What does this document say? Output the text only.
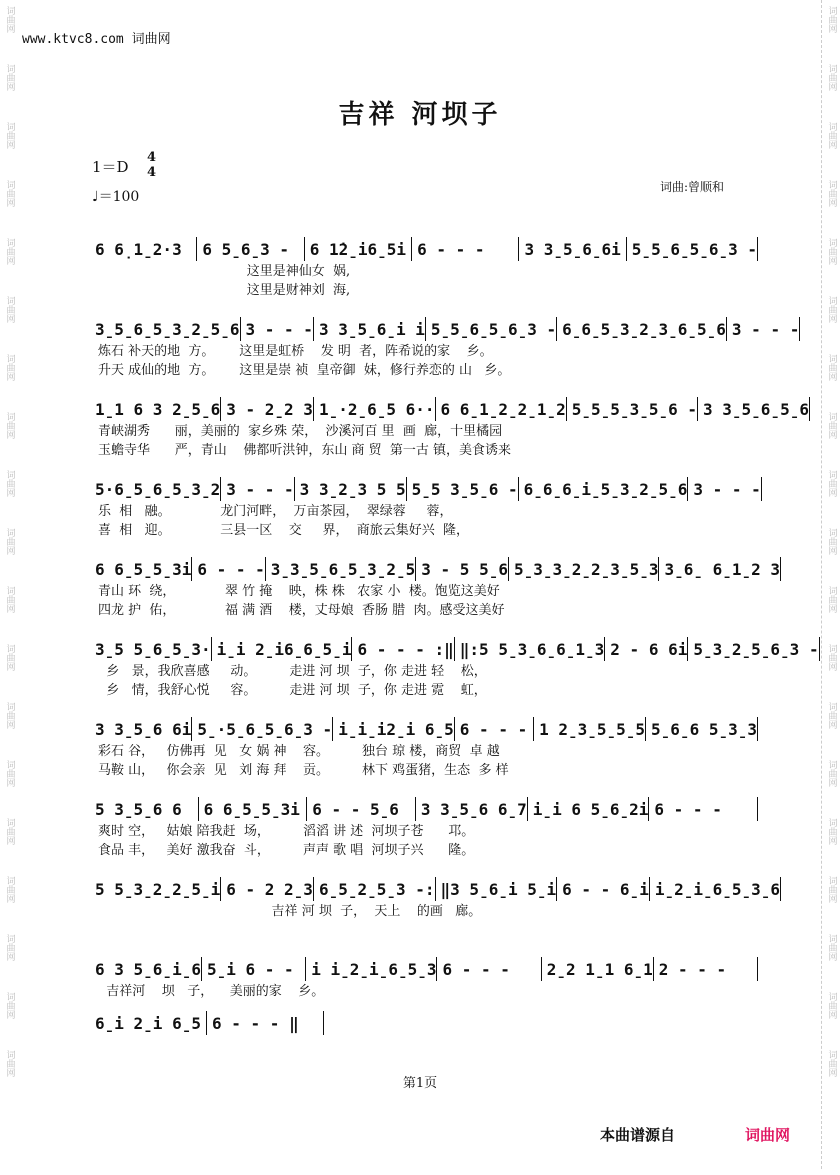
词曲网
词曲网
词曲网
词曲网
词曲网
词曲网
词曲网
词曲网
词曲网
词曲网
词曲网
词曲网
词曲网
词曲网
词曲网
词曲网
词曲网
词曲网
词曲网
词曲网
词曲网
词曲网
词曲网
词曲网
词曲网
词曲网
词曲网
词曲网
词曲网
词曲网
词曲网
词曲网
词曲网
词曲网
词曲网
词曲网
词曲网
词曲网
www.ktvc8.com 词曲网
吉祥 河坝子
1＝D
4
4
♩＝100
词曲:曾顺和
6 6̣1̱2·3	6 5̱6̱3 -	6 1̇2̱i6̱5i 6 - - -	3 3̱5̱6̱6i 5̱5̱6̱5̱6̱3 -
这里是神仙女  娲,
这里是财神刘  海,
3̱5̱6̱5̱3̱2̱5̱6 3 - - - 3 3̱5̱6̱i i 5̱5̱6̱5̱6̱3 - 6̱6̱5̱3̱2̱3̱6̱5̱6 3 - - -
炼石 补天的地  方。      这里是虹桥    发 明  者，阵希说的家    乡。
升天 成仙的地  方。      这里是崇 祯  皇帝御  妹，修行养恋的 山   乡。
1̱1 6 3 2̱5̱6 3 - 2̱2 3 1̱·2̱6̱5 6·· 6 6̱1̱2̱2̱1̱2 5̱5̱5̱3̱5̱6 - 3 3̱5̱6̱5̱6
青峡湖秀      丽，美丽的  家乡殊 荣，  沙溪河百 里  画  廊，十里橘园
玉蟾寺华      严，青山    佛都听洪钟，东山 商 贸  第一古 镇，美食诱来
5·6̱5̱6̱5̱3̱2 3 - - - 3 3̱2̱3 5 5 5̱5 3̱5̱6 - 6̱6̱6̱i̱5̱3̱2̱5̱6 3 - - -
乐  相   融。            龙门河畔，  万亩茶园，  翠绿蓉     蓉，
喜  相   迎。            三县一区    交     界，  商旅云集好兴  隆，
6 6̱5̱5̱3i 6 - - - 3̱3̱5̱6̱5̱3̱2̱5 3 - 5 5̱6 5̱3̱3̱2̱2̱3̱5̱3 3̱6̱ 6̱1̱2 3
青山 环  绕，            翠 竹 掩    映，株 株   农家 小  楼。饱览这美好
四龙 护  佑，            福 满 酒    楼，丈母娘  香肠 腊  肉。感受这美好
3̱5 5̱6̱5̱3· i̱i 2̱i6̱6̱5̱i 6 - - - :‖ ‖:5 5̱3̱6̱6̱1̱3 2 - 6 6i 5̱3̱2̱5̱6̱3 -
乡   景，我欣喜感     动。        走进 河 坝  子，你 走进 轻    松，
乡   情，我舒心悦     容。        走进 河 坝  子，你 走进 霓    虹，
3 3̱5̱6 6i 5̱·5̱6̱5̱6̱3 - i̱i̱i2̱i 6̱5 6 - - - 1 2̱3̱5̱5̱5 5̱6̱6 5̱3̱3
彩石 谷，   仿佛再  见   女 娲 神    容。        独台 琼 楼，商贸  卓 越
马鞍 山，   你会亲  见   刘 海 拜    贡。        林下 鸡蛋猪，生态  多 样
5 3̱5̱6 6	6 6̱5̱5̱3i 6 - - 5̱6	3 3̱5̱6 6̱7 i̱i 6 5̱6̱2i 6 - - -
爽时 空，   姑娘 陪我赶  场，        滔滔 讲 述  河坝子苍      邛。
食品 丰，   美好 激我奋  斗，        声声 歌 唱  河坝子兴      隆。
5 5̱3̱2̱2̱5̱i 6 - 2 2̱3 6̱5̱2̱5̱3 -: ‖3 5̱6̱i 5̱i 6 - - 6̱i i̱2̱i̱6̱5̱3̱6
吉祥 河 坝  子，  天上    的画   廊。
6 3 5̱6̱i̱6 5̱i 6 - -	i i̱2̱i̱6̱5̱3 6 - - -	2̱2 1̱1 6̱1 2 - - -
吉祥河    坝   子，    美丽的家    乡。
6̱i 2̱i 6̱5 6 - - - ‖
第1页
本曲谱源自	词曲网
